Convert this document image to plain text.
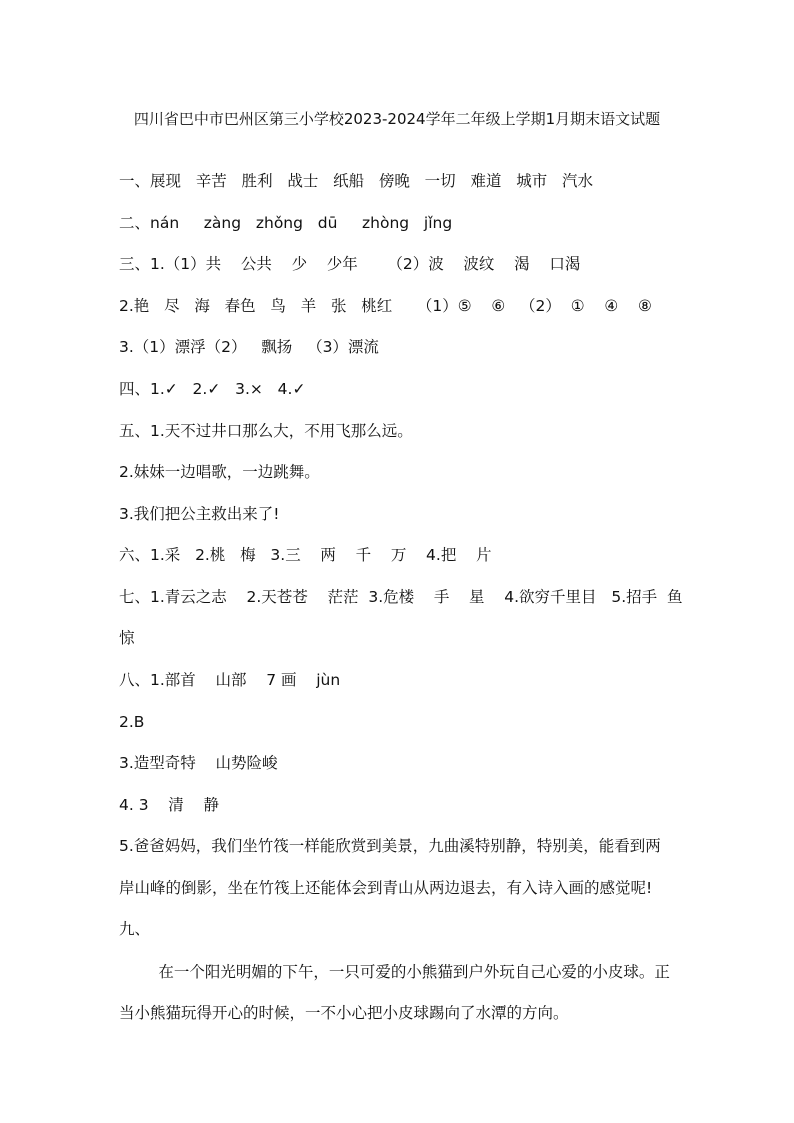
四川省巴中市巴州区第三小学校2023-2024学年二年级上学期1月期末语文试题
一、展现   辛苦   胜利   战士   纸船   傍晚   一切   难道   城市   汽水
二、nán     zàng   zhǒng   dū     zhòng   jǐng
三、1.（1）共    公共    少    少年      （2）波    波纹    渴    口渴
2.艳   尽   海   春色   鸟   羊   张   桃红     （1）⑤    ⑥   （2）  ①    ④    ⑧
3.（1）漂浮（2）   飘扬   （3）漂流
四、1.✓   2.✓   3.×   4.✓
五、1.天不过井口那么大，不用飞那么远。
2.妹妹一边唱歌，一边跳舞。
3.我们把公主救出来了!
六、1.采   2.桃   梅   3.三    两    千    万    4.把    片
七、1.青云之志    2.天苍苍    茫茫  3.危楼    手    星    4.欲穷千里目   5.招手  鱼
惊
八、1.部首    山部    7 画    jùn
2.B
3.造型奇特    山势险峻
4. 3    清    静
5.爸爸妈妈，我们坐竹筏一样能欣赏到美景，九曲溪特别静，特别美，能看到两
岸山峰的倒影，坐在竹筏上还能体会到青山从两边退去，有入诗入画的感觉呢!
九、
在一个阳光明媚的下午，一只可爱的小熊猫到户外玩自己心爱的小皮球。正
当小熊猫玩得开心的时候，一不小心把小皮球踢向了水潭的方向。
